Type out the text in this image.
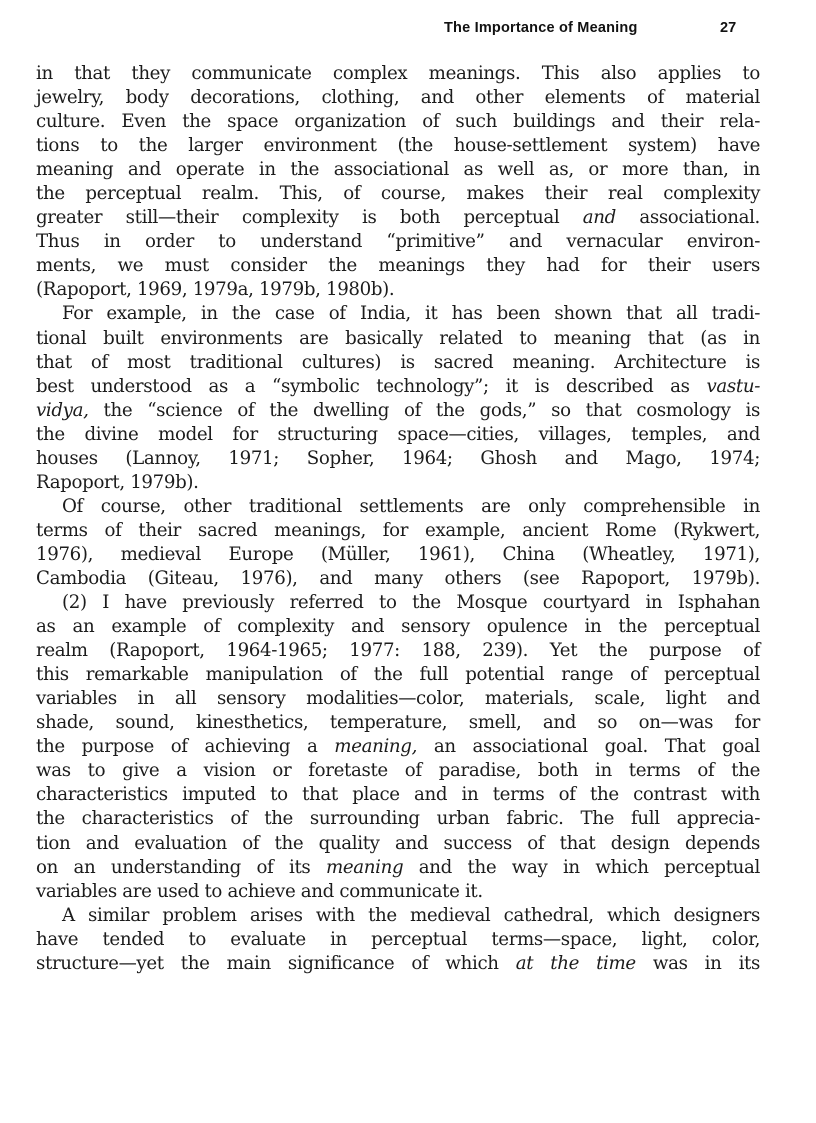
The Importance of Meaning	27
in that they communicate complex meanings. This also applies to
jewelry, body decorations, clothing, and other elements of material
culture. Even the space organization of such buildings and their rela-
tions to the larger environment (the house-settlement system) have
meaning and operate in the associational as well as, or more than, in
the perceptual realm. This, of course, makes their real complexity
greater still—their complexity is both perceptual and associational.
Thus in order to understand “primitive” and vernacular environ-
ments, we must consider the meanings they had for their users
(Rapoport, 1969, 1979a, 1979b, 1980b).
For example, in the case of India, it has been shown that all tradi-
tional built environments are basically related to meaning that (as in
that of most traditional cultures) is sacred meaning. Architecture is
best understood as a “symbolic technology”; it is described as vastu-
vidya, the “science of the dwelling of the gods,” so that cosmology is
the divine model for structuring space—cities, villages, temples, and
houses (Lannoy, 1971; Sopher, 1964; Ghosh and Mago, 1974;
Rapoport, 1979b).
Of course, other traditional settlements are only comprehensible in
terms of their sacred meanings, for example, ancient Rome (Rykwert,
1976), medieval Europe (Müller, 1961), China (Wheatley, 1971),
Cambodia (Giteau, 1976), and many others (see Rapoport, 1979b).
(2) I have previously referred to the Mosque courtyard in Isphahan
as an example of complexity and sensory opulence in the perceptual
realm (Rapoport, 1964-1965; 1977: 188, 239). Yet the purpose of
this remarkable manipulation of the full potential range of perceptual
variables in all sensory modalities—color, materials, scale, light and
shade, sound, kinesthetics, temperature, smell, and so on—was for
the purpose of achieving a meaning, an associational goal. That goal
was to give a vision or foretaste of paradise, both in terms of the
characteristics imputed to that place and in terms of the contrast with
the characteristics of the surrounding urban fabric. The full apprecia-
tion and evaluation of the quality and success of that design depends
on an understanding of its meaning and the way in which perceptual
variables are used to achieve and communicate it.
A similar problem arises with the medieval cathedral, which designers
have tended to evaluate in perceptual terms—space, light, color,
structure—yet the main significance of which at the time was in its
